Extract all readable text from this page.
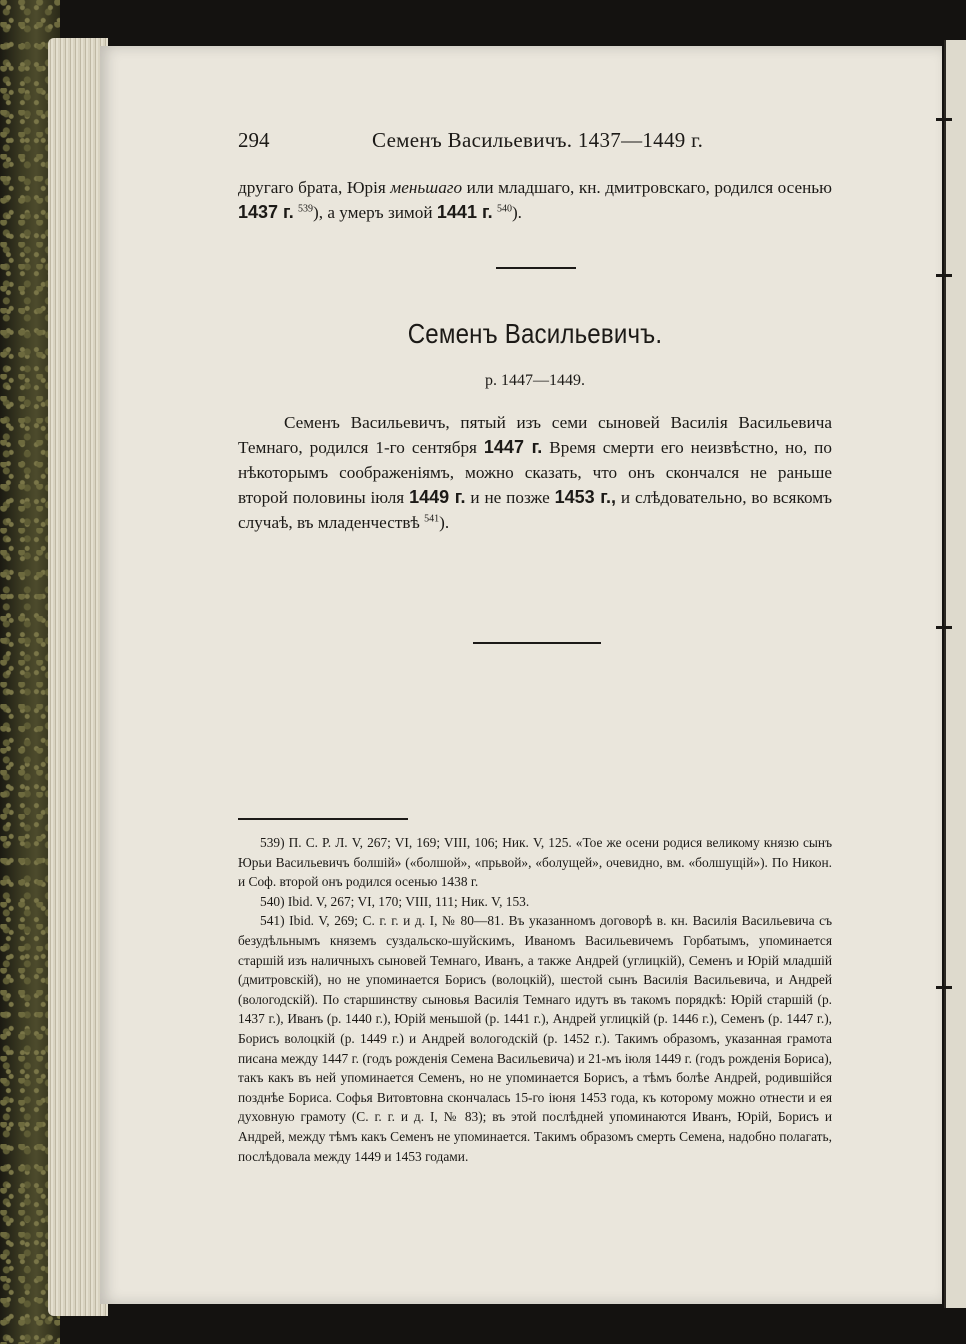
294	Семенъ Васильевичъ. 1437—1449 г.
другаго брата, Юрія меньшаго или младшаго, кн. дмитровскаго, родился осенью 1437 г. $^{539}$), а умеръ зимой 1441 г. $^{540}$).
Семенъ Васильевичъ.
р. 1447—1449.
Семенъ Васильевичъ, пятый изъ семи сыновей Василія Васильевича Темнаго, родился 1-го сентября 1447 г. Время смерти его неизвѣстно, но, по нѣкоторымъ соображеніямъ, можно сказать, что онъ скончался не раньше второй половины іюля 1449 г. и не позже 1453 г., и слѣдовательно, во всякомъ случаѣ, въ младенчествѣ $^{541}$).

539) П. С. Р. Л. V, 267; VI, 169; VIII, 106; Ник. V, 125. «Тое же осени родися великому князю сынъ Юрьи Васильевичъ болшій» («болшой», «прьвой», «болущей», очевидно, вм. «болшущій»). По Никон. и Соф. второй онъ родился осенью 1438 г.

540) Ibid. V, 267; VI, 170; VIII, 111; Ник. V, 153.

541) Ibid. V, 269; С. г. г. и д. I, № 80—81. Въ указанномъ договорѣ в. кн. Василія Васильевича съ безудѣльнымъ княземъ суздальско-шуйскимъ, Иваномъ Васильевичемъ Горбатымъ, упоминается старшій изъ наличныхъ сыновей Темнаго, Иванъ, а также Андрей (углицкій), Семенъ и Юрій младшій (дмитровскій), но не упоминается Борисъ (волоцкій), шестой сынъ Василія Васильевича, и Андрей (вологодскій). По старшинству сыновья Василія Темнаго идутъ въ такомъ порядкѣ: Юрій старшій (р. 1437 г.), Иванъ (р. 1440 г.), Юрій меньшой (р. 1441 г.), Андрей углицкій (р. 1446 г.), Семенъ (р. 1447 г.), Борисъ волоцкій (р. 1449 г.) и Андрей вологодскій (р. 1452 г.). Такимъ образомъ, указанная грамота писана между 1447 г. (годъ рожденія Семена Васильевича) и 21-мъ іюля 1449 г. (годъ рожденія Бориса), такъ какъ въ ней упоминается Семенъ, но не упоминается Борисъ, а тѣмъ болѣе Андрей, родившійся позднѣе Бориса. Софья Витовтовна скончалась 15-го іюня 1453 года, къ которому можно отнести и ея духовную грамоту (С. г. г. и д. I, № 83); въ этой послѣдней упоминаются Иванъ, Юрій, Борисъ и Андрей, между тѣмъ какъ Семенъ не упоминается. Такимъ образомъ смерть Семена, надобно полагать, послѣдовала между 1449 и 1453 годами.
